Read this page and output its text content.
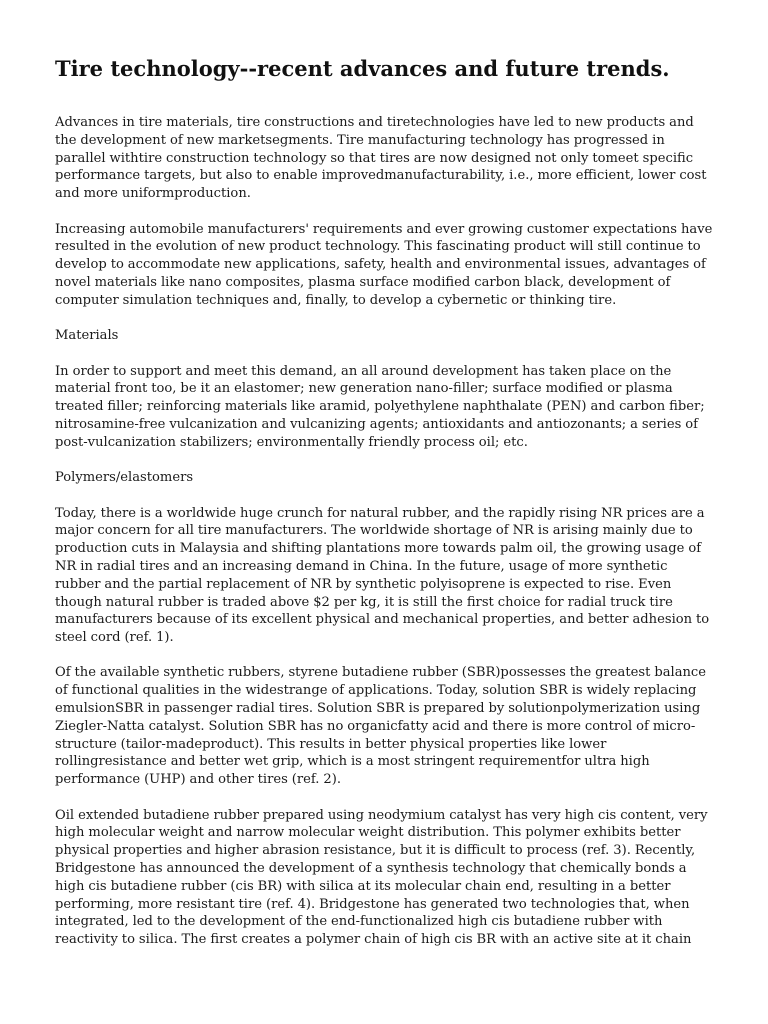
Tire technology--recent advances and future trends.

Advances in tire materials, tire constructions and tiretechnologies have led to new products and the development of new marketsegments. Tire manufacturing technology has progressed in parallel withtire construction technology so that tires are now designed not only tomeet specific performance targets, but also to enable improvedmanufacturability, i.e., more efficient, lower cost and more uniformproduction.

Increasing automobile manufacturers' requirements and ever growing customer expectations have resulted in the evolution of new product technology. This fascinating product will still continue to develop to accommodate new applications, safety, health and environmental issues, advantages of novel materials like nano composites, plasma surface modified carbon black, development of computer simulation techniques and, finally, to develop a cybernetic or thinking tire.

Materials

In order to support and meet this demand, an all around development has taken place on the material front too, be it an elastomer; new generation nano-filler; surface modified or plasma treated filler; reinforcing materials like aramid, polyethylene naphthalate (PEN) and carbon fiber; nitrosamine-free vulcanization and vulcanizing agents; antioxidants and antiozonants; a series of post-vulcanization stabilizers; environmentally friendly process oil; etc.

Polymers/elastomers

Today, there is a worldwide huge crunch for natural rubber, and the rapidly rising NR prices are a major concern for all tire manufacturers. The worldwide shortage of NR is arising mainly due to production cuts in Malaysia and shifting plantations more towards palm oil, the growing usage of NR in radial tires and an increasing demand in China. In the future, usage of more synthetic rubber and the partial replacement of NR by synthetic polyisoprene is expected to rise. Even though natural rubber is traded above $2 per kg, it is still the first choice for radial truck tire manufacturers because of its excellent physical and mechanical properties, and better adhesion to steel cord (ref. 1).

Of the available synthetic rubbers, styrene butadiene rubber (SBR)possesses the greatest balance of functional qualities in the widestrange of applications. Today, solution SBR is widely replacing emulsionSBR in passenger radial tires. Solution SBR is prepared by solutionpolymerization using Ziegler-Natta catalyst. Solution SBR has no organicfatty acid and there is more control of micro-structure (tailor-madeproduct). This results in better physical properties like lower rollingresistance and better wet grip, which is a most stringent requirementfor ultra high performance (UHP) and other tires (ref. 2).

Oil extended butadiene rubber prepared using neodymium catalyst has very high cis content, very high molecular weight and narrow molecular weight distribution. This polymer exhibits better physical properties and higher abrasion resistance, but it is difficult to process (ref. 3). Recently, Bridgestone has announced the development of a synthesis technology that chemically bonds a high cis butadiene rubber (cis BR) with silica at its molecular chain end, resulting in a better performing, more resistant tire (ref. 4). Bridgestone has generated two technologies that, when integrated, led to the development of the end-functionalized high cis butadiene rubber with reactivity to silica. The first creates a polymer chain of high cis BR with an active site at it chain
